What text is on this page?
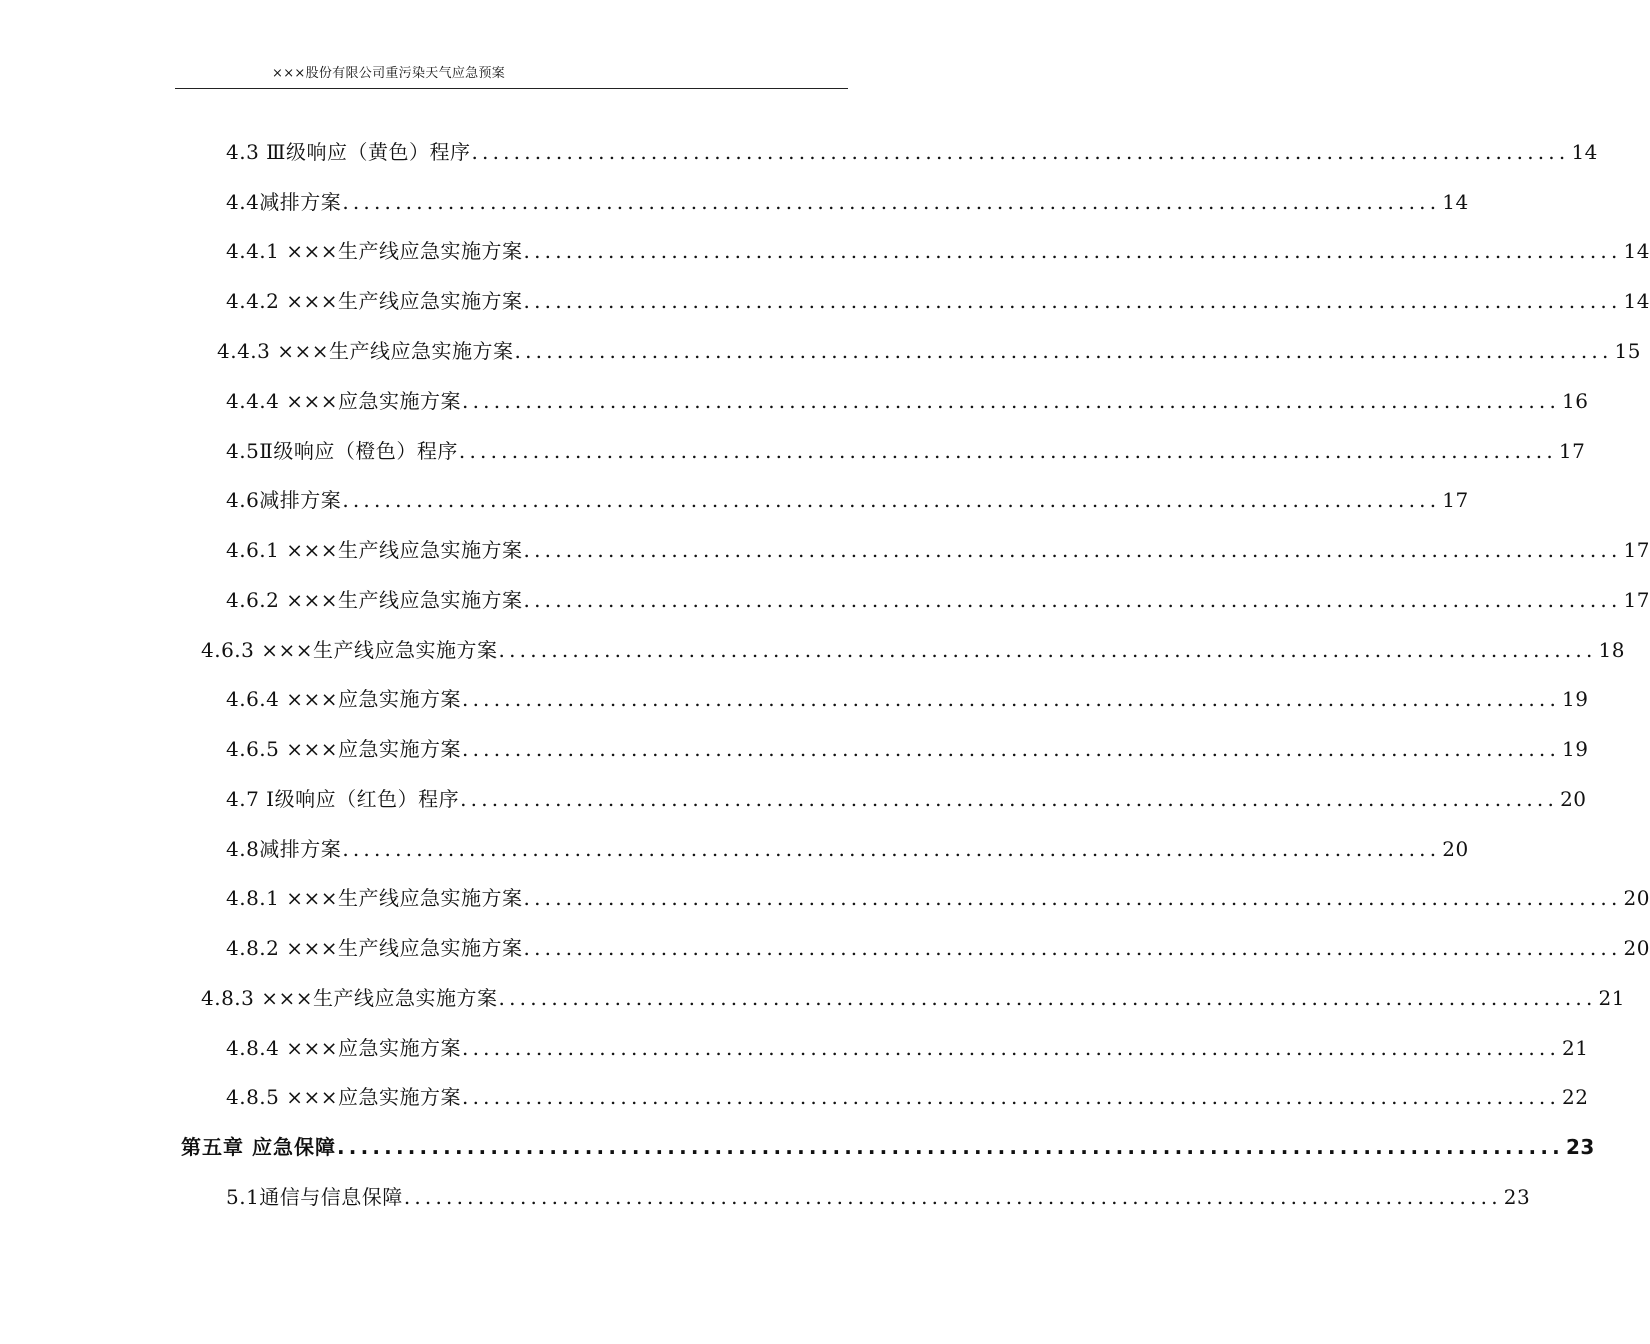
×××股份有限公司重污染天气应急预案
4.3 Ⅲ级响应（黄色）程序 ........................................................................................................ 14
4.4减排方案 ........................................................................................................ 14
4.4.1 ×××生产线应急实施方案 ........................................................................................................ 14
4.4.2 ×××生产线应急实施方案 ........................................................................................................ 14
4.4.3 ×××生产线应急实施方案 ........................................................................................................ 15
4.4.4 ×××应急实施方案 ........................................................................................................ 16
4.5Ⅱ级响应（橙色）程序 ........................................................................................................ 17
4.6减排方案 ........................................................................................................ 17
4.6.1 ×××生产线应急实施方案 ........................................................................................................ 17
4.6.2 ×××生产线应急实施方案 ........................................................................................................ 17
4.6.3 ×××生产线应急实施方案 ........................................................................................................ 18
4.6.4 ×××应急实施方案 ........................................................................................................ 19
4.6.5 ×××应急实施方案 ........................................................................................................ 19
4.7 Ⅰ级响应（红色）程序 ........................................................................................................ 20
4.8减排方案 ........................................................................................................ 20
4.8.1 ×××生产线应急实施方案 ........................................................................................................ 20
4.8.2 ×××生产线应急实施方案 ........................................................................................................ 20
4.8.3 ×××生产线应急实施方案 ........................................................................................................ 21
4.8.4 ×××应急实施方案 ........................................................................................................ 21
4.8.5 ×××应急实施方案 ........................................................................................................ 22
第五章 应急保障 ........................................................................................................ 23
5.1通信与信息保障 ........................................................................................................ 23
